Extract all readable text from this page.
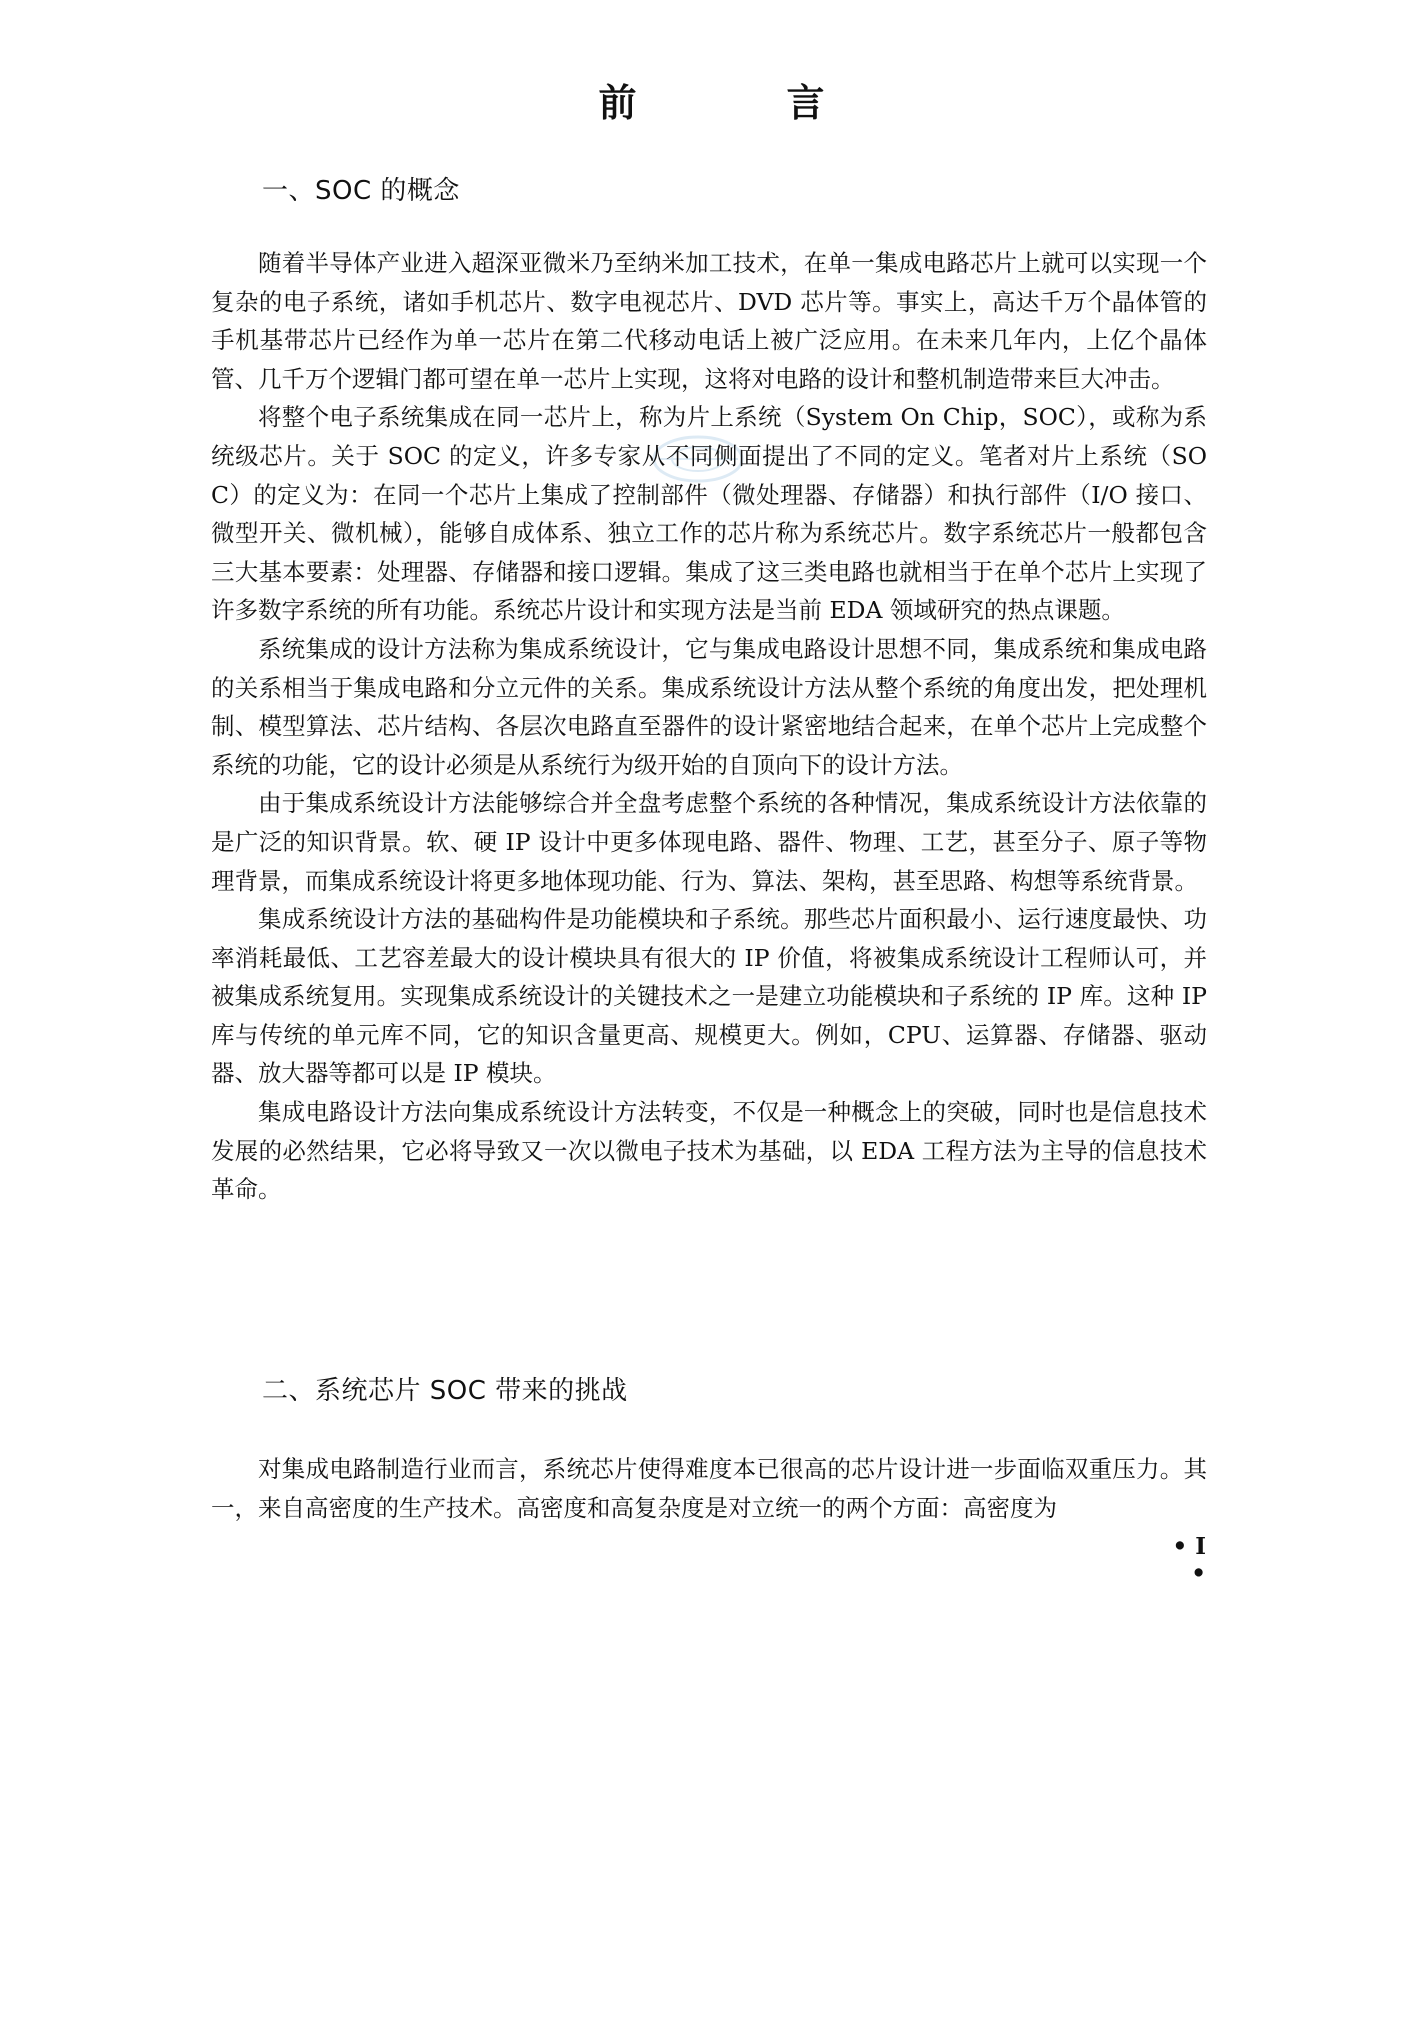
前　言
一、SOC 的概念

随着半导体产业进入超深亚微米乃至纳米加工技术，在单一集成电路芯片上就可以实现一个复杂的电子系统，诸如手机芯片、数字电视芯片、DVD 芯片等。事实上，高达千万个晶体管的手机基带芯片已经作为单一芯片在第二代移动电话上被广泛应用。在未来几年内，上亿个晶体管、几千万个逻辑门都可望在单一芯片上实现，这将对电路的设计和整机制造带来巨大冲击。

将整个电子系统集成在同一芯片上，称为片上系统（System On Chip，SOC），或称为系统级芯片。关于 SOC 的定义，许多专家从不同侧面提出了不同的定义。笔者对片上系统（SOC）的定义为：在同一个芯片上集成了控制部件（微处理器、存储器）和执行部件（I/O 接口、微型开关、微机械），能够自成体系、独立工作的芯片称为系统芯片。数字系统芯片一般都包含三大基本要素：处理器、存储器和接口逻辑。集成了这三类电路也就相当于在单个芯片上实现了许多数字系统的所有功能。系统芯片设计和实现方法是当前 EDA 领域研究的热点课题。

系统集成的设计方法称为集成系统设计，它与集成电路设计思想不同，集成系统和集成电路的关系相当于集成电路和分立元件的关系。集成系统设计方法从整个系统的角度出发，把处理机制、模型算法、芯片结构、各层次电路直至器件的设计紧密地结合起来，在单个芯片上完成整个系统的功能，它的设计必须是从系统行为级开始的自顶向下的设计方法。

由于集成系统设计方法能够综合并全盘考虑整个系统的各种情况，集成系统设计方法依靠的是广泛的知识背景。软、硬 IP 设计中更多体现电路、器件、物理、工艺，甚至分子、原子等物理背景，而集成系统设计将更多地体现功能、行为、算法、架构，甚至思路、构想等系统背景。

集成系统设计方法的基础构件是功能模块和子系统。那些芯片面积最小、运行速度最快、功率消耗最低、工艺容差最大的设计模块具有很大的 IP 价值，将被集成系统设计工程师认可，并被集成系统复用。实现集成系统设计的关键技术之一是建立功能模块和子系统的 IP 库。这种 IP 库与传统的单元库不同，它的知识含量更高、规模更大。例如，CPU、运算器、存储器、驱动器、放大器等都可以是 IP 模块。

集成电路设计方法向集成系统设计方法转变，不仅是一种概念上的突破，同时也是信息技术发展的必然结果，它必将导致又一次以微电子技术为基础，以 EDA 工程方法为主导的信息技术革命。

二、系统芯片 SOC 带来的挑战

对集成电路制造行业而言，系统芯片使得难度本已很高的芯片设计进一步面临双重压力。其一，来自高密度的生产技术。高密度和高复杂度是对立统一的两个方面：高密度为

• I •
